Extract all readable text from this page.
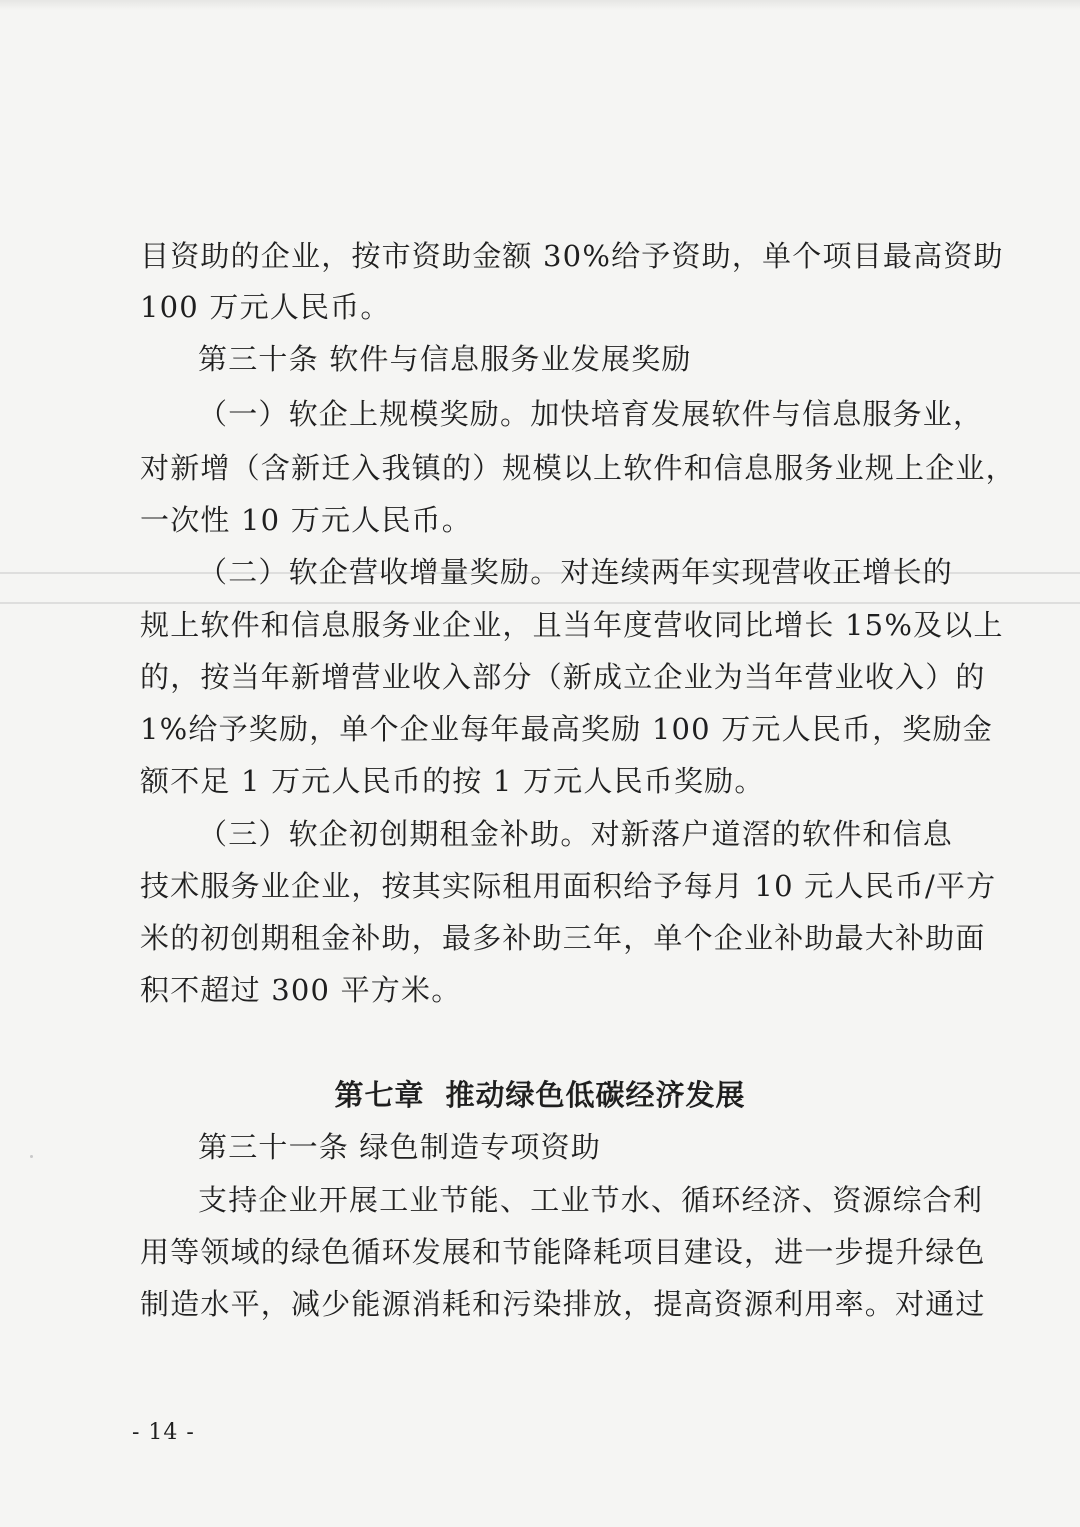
目资助的企业，按市资助金额 30%给予资助，单个项目最高资助
100 万元人民币。
第三十条 软件与信息服务业发展奖励
（一）软企上规模奖励。加快培育发展软件与信息服务业，
对新增（含新迁入我镇的）规模以上软件和信息服务业规上企业，
一次性 10 万元人民币。
（二）软企营收增量奖励。对连续两年实现营收正增长的
规上软件和信息服务业企业，且当年度营收同比增长 15%及以上
的，按当年新增营业收入部分（新成立企业为当年营业收入）的
1%给予奖励，单个企业每年最高奖励 100 万元人民币，奖励金
额不足 1 万元人民币的按 1 万元人民币奖励。
（三）软企初创期租金补助。对新落户道滘的软件和信息
技术服务业企业，按其实际租用面积给予每月 10 元人民币/平方
米的初创期租金补助，最多补助三年，单个企业补助最大补助面
积不超过 300 平方米。
第七章 推动绿色低碳经济发展
第三十一条 绿色制造专项资助
支持企业开展工业节能、工业节水、循环经济、资源综合利
用等领域的绿色循环发展和节能降耗项目建设，进一步提升绿色
制造水平，减少能源消耗和污染排放，提高资源利用率。对通过
- 14 -
